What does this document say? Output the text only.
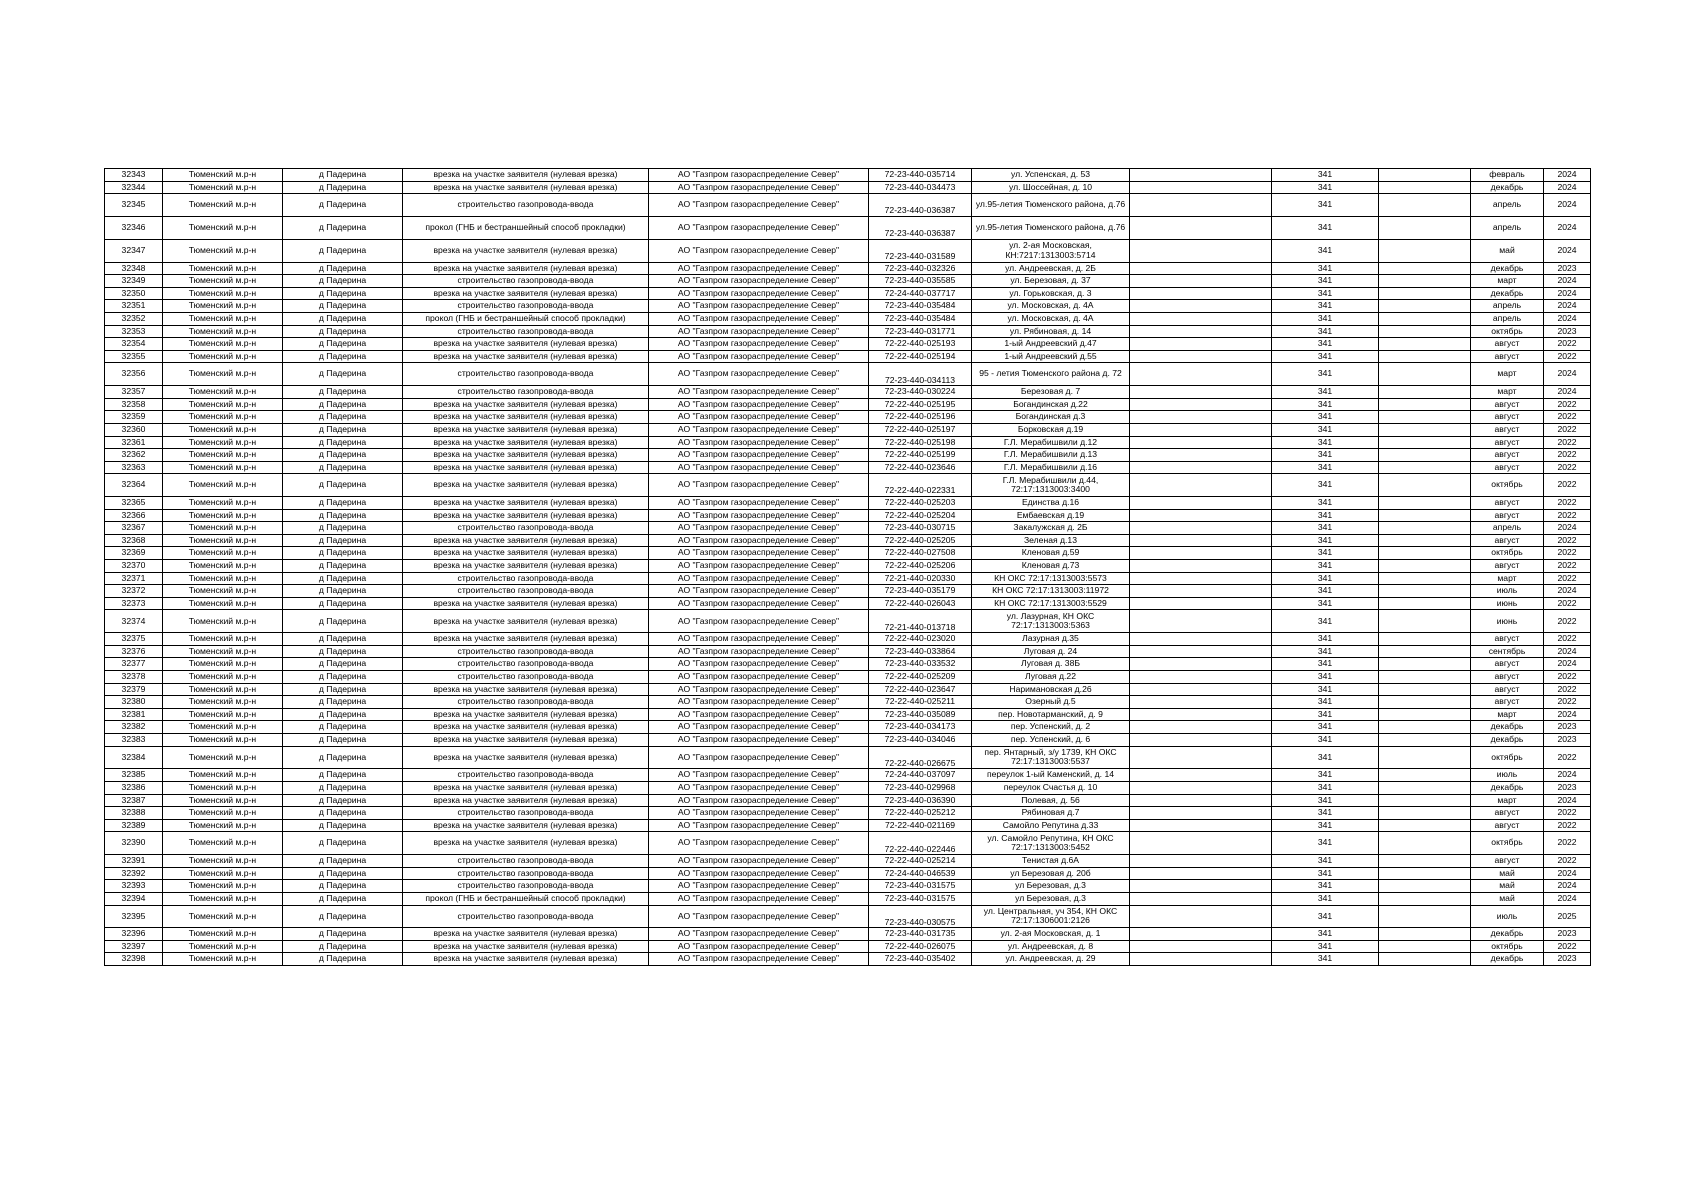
32343	Тюменский м.р-н	д Падерина	врезка на участке заявителя (нулевая врезка)	АО "Газпром газораспределение Север"	72-23-440-035714	ул. Успенская, д. 53		341		февраль	2024
32344	Тюменский м.р-н	д Падерина	врезка на участке заявителя (нулевая врезка)	АО "Газпром газораспределение Север"	72-23-440-034473	ул. Шоссейная, д. 10		341		декабрь	2024
32345	Тюменский м.р-н	д Падерина	строительство газопровода-ввода	АО "Газпром газораспределение Север"	72-23-440-036387	ул.95-летия Тюменского района, д.76		341		апрель	2024
32346	Тюменский м.р-н	д Падерина	прокол (ГНБ и бестраншейный способ прокладки)	АО "Газпром газораспределение Север"	72-23-440-036387	ул.95-летия Тюменского района, д.76		341		апрель	2024
32347	Тюменский м.р-н	д Падерина	врезка на участке заявителя (нулевая врезка)	АО "Газпром газораспределение Север"	72-23-440-031589	ул. 2-ая Московская, КН:7217:1313003:5714		341		май	2024
32348	Тюменский м.р-н	д Падерина	врезка на участке заявителя (нулевая врезка)	АО "Газпром газораспределение Север"	72-23-440-032326	ул. Андреевская, д. 2Б		341		декабрь	2023
32349	Тюменский м.р-н	д Падерина	строительство газопровода-ввода	АО "Газпром газораспределение Север"	72-23-440-035585	ул. Березовая, д. 37		341		март	2024
32350	Тюменский м.р-н	д Падерина	врезка на участке заявителя (нулевая врезка)	АО "Газпром газораспределение Север"	72-24-440-037717	ул. Горьковская, д. 3		341		декабрь	2024
32351	Тюменский м.р-н	д Падерина	строительство газопровода-ввода	АО "Газпром газораспределение Север"	72-23-440-035484	ул. Московская, д. 4А		341		апрель	2024
32352	Тюменский м.р-н	д Падерина	прокол (ГНБ и бестраншейный способ прокладки)	АО "Газпром газораспределение Север"	72-23-440-035484	ул. Московская, д. 4А		341		апрель	2024
32353	Тюменский м.р-н	д Падерина	строительство газопровода-ввода	АО "Газпром газораспределение Север"	72-23-440-031771	ул. Рябиновая, д. 14		341		октябрь	2023
32354	Тюменский м.р-н	д Падерина	врезка на участке заявителя (нулевая врезка)	АО "Газпром газораспределение Север"	72-22-440-025193	1-ый Андреевский д.47		341		август	2022
32355	Тюменский м.р-н	д Падерина	врезка на участке заявителя (нулевая врезка)	АО "Газпром газораспределение Север"	72-22-440-025194	1-ый Андреевский д.55		341		август	2022
32356	Тюменский м.р-н	д Падерина	строительство газопровода-ввода	АО "Газпром газораспределение Север"	72-23-440-034113	95 - летия Тюменского района д. 72		341		март	2024
32357	Тюменский м.р-н	д Падерина	строительство газопровода-ввода	АО "Газпром газораспределение Север"	72-23-440-030224	Березовая д. 7		341		март	2024
32358	Тюменский м.р-н	д Падерина	врезка на участке заявителя (нулевая врезка)	АО "Газпром газораспределение Север"	72-22-440-025195	Богандинская д.22		341		август	2022
32359	Тюменский м.р-н	д Падерина	врезка на участке заявителя (нулевая врезка)	АО "Газпром газораспределение Север"	72-22-440-025196	Богандинская д.3		341		август	2022
32360	Тюменский м.р-н	д Падерина	врезка на участке заявителя (нулевая врезка)	АО "Газпром газораспределение Север"	72-22-440-025197	Борковская д.19		341		август	2022
32361	Тюменский м.р-н	д Падерина	врезка на участке заявителя (нулевая врезка)	АО "Газпром газораспределение Север"	72-22-440-025198	Г.Л. Мерабишвили д.12		341		август	2022
32362	Тюменский м.р-н	д Падерина	врезка на участке заявителя (нулевая врезка)	АО "Газпром газораспределение Север"	72-22-440-025199	Г.Л. Мерабишвили д.13		341		август	2022
32363	Тюменский м.р-н	д Падерина	врезка на участке заявителя (нулевая врезка)	АО "Газпром газораспределение Север"	72-22-440-023646	Г.Л. Мерабишвили д.16		341		август	2022
32364	Тюменский м.р-н	д Падерина	врезка на участке заявителя (нулевая врезка)	АО "Газпром газораспределение Север"	72-22-440-022331	Г.Л. Мерабишвили д.44, 72:17:1313003:3400		341		октябрь	2022
32365	Тюменский м.р-н	д Падерина	врезка на участке заявителя (нулевая врезка)	АО "Газпром газораспределение Север"	72-22-440-025203	Единства д.16		341		август	2022
32366	Тюменский м.р-н	д Падерина	врезка на участке заявителя (нулевая врезка)	АО "Газпром газораспределение Север"	72-22-440-025204	Ембаевская д.19		341		август	2022
32367	Тюменский м.р-н	д Падерина	строительство газопровода-ввода	АО "Газпром газораспределение Север"	72-23-440-030715	Закалужская д. 2Б		341		апрель	2024
32368	Тюменский м.р-н	д Падерина	врезка на участке заявителя (нулевая врезка)	АО "Газпром газораспределение Север"	72-22-440-025205	Зеленая д.13		341		август	2022
32369	Тюменский м.р-н	д Падерина	врезка на участке заявителя (нулевая врезка)	АО "Газпром газораспределение Север"	72-22-440-027508	Кленовая д.59		341		октябрь	2022
32370	Тюменский м.р-н	д Падерина	врезка на участке заявителя (нулевая врезка)	АО "Газпром газораспределение Север"	72-22-440-025206	Кленовая д.73		341		август	2022
32371	Тюменский м.р-н	д Падерина	строительство газопровода-ввода	АО "Газпром газораспределение Север"	72-21-440-020330	КН ОКС 72:17:1313003:5573		341		март	2022
32372	Тюменский м.р-н	д Падерина	строительство газопровода-ввода	АО "Газпром газораспределение Север"	72-23-440-035179	КН ОКС 72:17:1313003:11972		341		июль	2024
32373	Тюменский м.р-н	д Падерина	врезка на участке заявителя (нулевая врезка)	АО "Газпром газораспределение Север"	72-22-440-026043	КН ОКС 72:17:1313003:5529		341		июнь	2022
32374	Тюменский м.р-н	д Падерина	врезка на участке заявителя (нулевая врезка)	АО "Газпром газораспределение Север"	72-21-440-013718	ул. Лазурная, КН ОКС 72:17:1313003:5363		341		июнь	2022
32375	Тюменский м.р-н	д Падерина	врезка на участке заявителя (нулевая врезка)	АО "Газпром газораспределение Север"	72-22-440-023020	Лазурная д.35		341		август	2022
32376	Тюменский м.р-н	д Падерина	строительство газопровода-ввода	АО "Газпром газораспределение Север"	72-23-440-033864	Луговая д. 24		341		сентябрь	2024
32377	Тюменский м.р-н	д Падерина	строительство газопровода-ввода	АО "Газпром газораспределение Север"	72-23-440-033532	Луговая д. 38Б		341		август	2024
32378	Тюменский м.р-н	д Падерина	строительство газопровода-ввода	АО "Газпром газораспределение Север"	72-22-440-025209	Луговая д.22		341		август	2022
32379	Тюменский м.р-н	д Падерина	врезка на участке заявителя (нулевая врезка)	АО "Газпром газораспределение Север"	72-22-440-023647	Наримановская д.26		341		август	2022
32380	Тюменский м.р-н	д Падерина	строительство газопровода-ввода	АО "Газпром газораспределение Север"	72-22-440-025211	Озерный д.5		341		август	2022
32381	Тюменский м.р-н	д Падерина	врезка на участке заявителя (нулевая врезка)	АО "Газпром газораспределение Север"	72-23-440-035089	пер. Новотарманский, д. 9		341		март	2024
32382	Тюменский м.р-н	д Падерина	врезка на участке заявителя (нулевая врезка)	АО "Газпром газораспределение Север"	72-23-440-034173	пер. Успенский, д. 2		341		декабрь	2023
32383	Тюменский м.р-н	д Падерина	врезка на участке заявителя (нулевая врезка)	АО "Газпром газораспределение Север"	72-23-440-034046	пер. Успенский, д. 6		341		декабрь	2023
32384	Тюменский м.р-н	д Падерина	врезка на участке заявителя (нулевая врезка)	АО "Газпром газораспределение Север"	72-22-440-026675	пер. Янтарный, з/у 1739, КН ОКС 72:17:1313003:5537		341		октябрь	2022
32385	Тюменский м.р-н	д Падерина	строительство газопровода-ввода	АО "Газпром газораспределение Север"	72-24-440-037097	переулок 1-ый Каменский, д. 14		341		июль	2024
32386	Тюменский м.р-н	д Падерина	врезка на участке заявителя (нулевая врезка)	АО "Газпром газораспределение Север"	72-23-440-029968	переулок Счастья д. 10		341		декабрь	2023
32387	Тюменский м.р-н	д Падерина	врезка на участке заявителя (нулевая врезка)	АО "Газпром газораспределение Север"	72-23-440-036390	Полевая, д. 56		341		март	2024
32388	Тюменский м.р-н	д Падерина	строительство газопровода-ввода	АО "Газпром газораспределение Север"	72-22-440-025212	Рябиновая д.7		341		август	2022
32389	Тюменский м.р-н	д Падерина	врезка на участке заявителя (нулевая врезка)	АО "Газпром газораспределение Север"	72-22-440-021169	Самойло Репутина д.33		341		август	2022
32390	Тюменский м.р-н	д Падерина	врезка на участке заявителя (нулевая врезка)	АО "Газпром газораспределение Север"	72-22-440-022446	ул. Самойло Репутина, КН ОКС 72:17:1313003:5452		341		октябрь	2022
32391	Тюменский м.р-н	д Падерина	строительство газопровода-ввода	АО "Газпром газораспределение Север"	72-22-440-025214	Тенистая д.6А		341		август	2022
32392	Тюменский м.р-н	д Падерина	строительство газопровода-ввода	АО "Газпром газораспределение Север"	72-24-440-046539	ул Березовая д. 20б		341		май	2024
32393	Тюменский м.р-н	д Падерина	строительство газопровода-ввода	АО "Газпром газораспределение Север"	72-23-440-031575	ул Березовая, д.3		341		май	2024
32394	Тюменский м.р-н	д Падерина	прокол (ГНБ и бестраншейный способ прокладки)	АО "Газпром газораспределение Север"	72-23-440-031575	ул Березовая, д.3		341		май	2024
32395	Тюменский м.р-н	д Падерина	строительство газопровода-ввода	АО "Газпром газораспределение Север"	72-23-440-030575	ул. Центральная, уч 354, КН ОКС 72:17:1306001:2126		341		июль	2025
32396	Тюменский м.р-н	д Падерина	врезка на участке заявителя (нулевая врезка)	АО "Газпром газораспределение Север"	72-23-440-031735	ул. 2-ая Московская, д. 1		341		декабрь	2023
32397	Тюменский м.р-н	д Падерина	врезка на участке заявителя (нулевая врезка)	АО "Газпром газораспределение Север"	72-22-440-026075	ул. Андреевская, д. 8		341		октябрь	2022
32398	Тюменский м.р-н	д Падерина	врезка на участке заявителя (нулевая врезка)	АО "Газпром газораспределение Север"	72-23-440-035402	ул. Андреевская, д. 29		341		декабрь	2023
